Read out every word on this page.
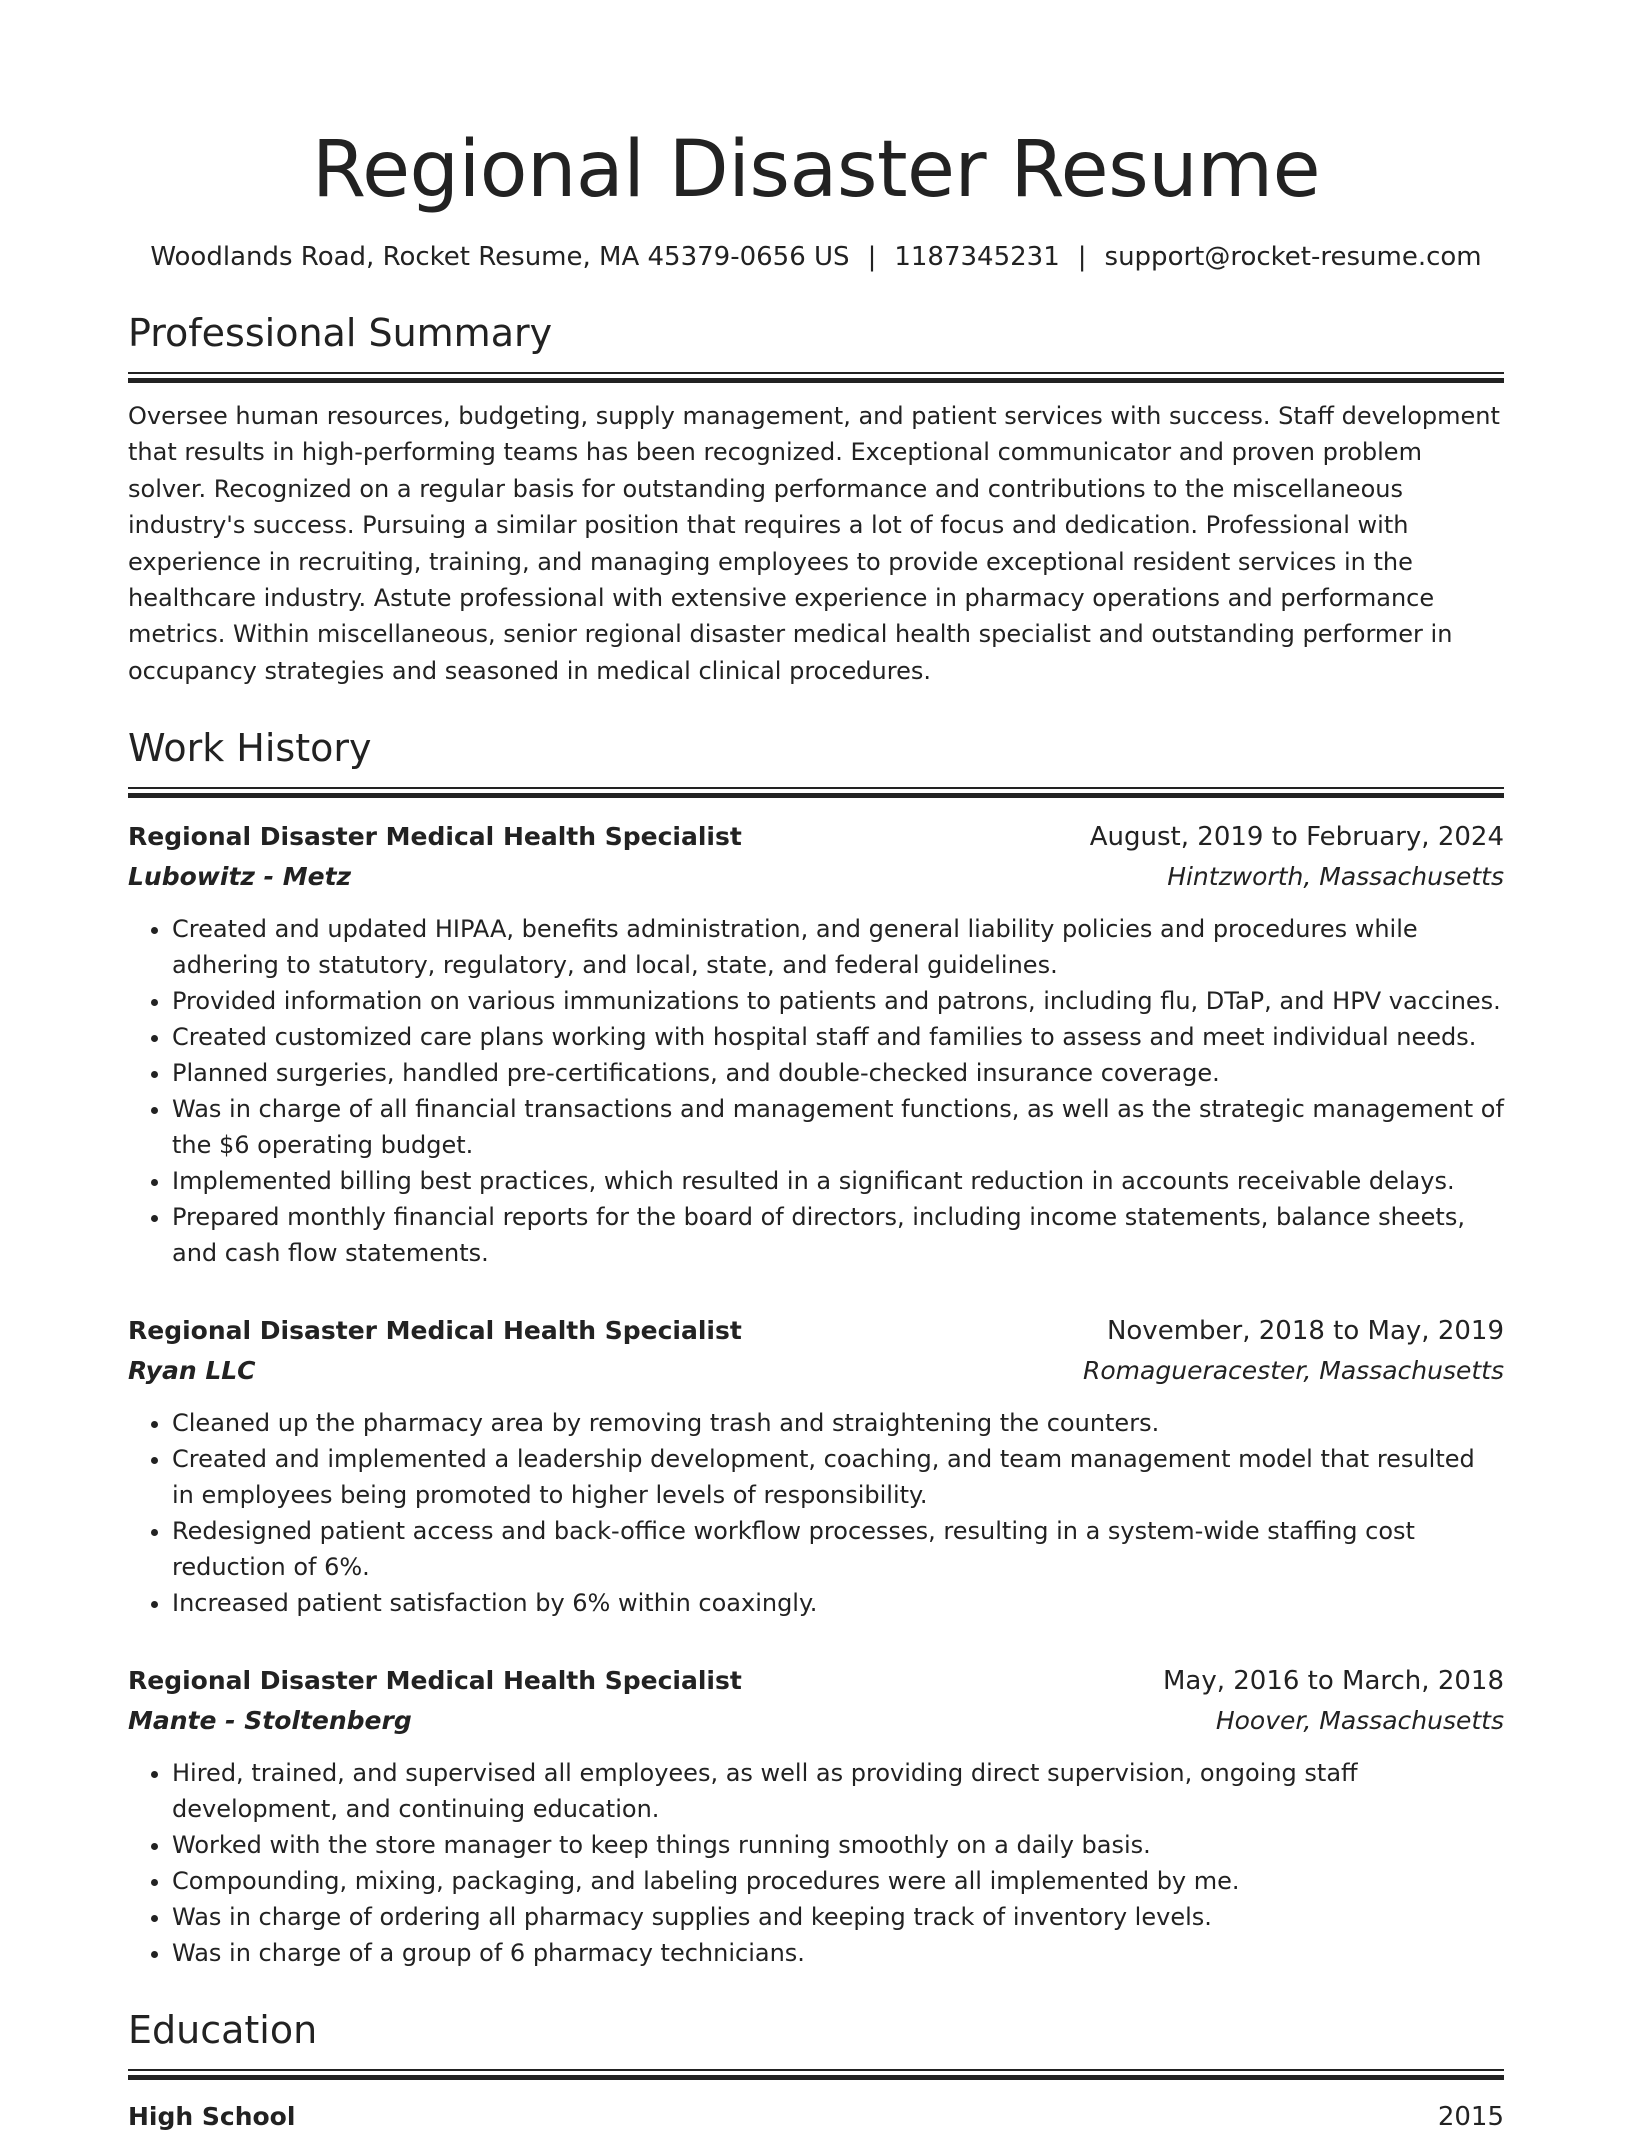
Regional Disaster Resume
Woodlands Road, Rocket Resume, MA 45379-0656 US | 1187345231 | support@rocket-resume.com
Professional Summary
Oversee human resources, budgeting, supply management, and patient services with success. Staff development that results in high-performing teams has been recognized. Exceptional communicator and proven problem solver. Recognized on a regular basis for outstanding performance and contributions to the miscellaneous industry's success. Pursuing a similar position that requires a lot of focus and dedication. Professional with experience in recruiting, training, and managing employees to provide exceptional resident services in the healthcare industry. Astute professional with extensive experience in pharmacy operations and performance metrics. Within miscellaneous, senior regional disaster medical health specialist and outstanding performer in occupancy strategies and seasoned in medical clinical procedures.
Work History
Regional Disaster Medical Health Specialist	August, 2019 to February, 2024
Lubowitz - Metz	Hintzworth, Massachusetts
• Created and updated HIPAA, benefits administration, and general liability policies and procedures while adhering to statutory, regulatory, and local, state, and federal guidelines.
• Provided information on various immunizations to patients and patrons, including flu, DTaP, and HPV vaccines.
• Created customized care plans working with hospital staff and families to assess and meet individual needs.
• Planned surgeries, handled pre-certifications, and double-checked insurance coverage.
• Was in charge of all financial transactions and management functions, as well as the strategic management of the $6 operating budget.
• Implemented billing best practices, which resulted in a significant reduction in accounts receivable delays.
• Prepared monthly financial reports for the board of directors, including income statements, balance sheets, and cash flow statements.
Regional Disaster Medical Health Specialist	November, 2018 to May, 2019
Ryan LLC	Romagueracester, Massachusetts
• Cleaned up the pharmacy area by removing trash and straightening the counters.
• Created and implemented a leadership development, coaching, and team management model that resulted in employees being promoted to higher levels of responsibility.
• Redesigned patient access and back-office workflow processes, resulting in a system-wide staffing cost reduction of 6%.
• Increased patient satisfaction by 6% within coaxingly.
Regional Disaster Medical Health Specialist	May, 2016 to March, 2018
Mante - Stoltenberg	Hoover, Massachusetts
• Hired, trained, and supervised all employees, as well as providing direct supervision, ongoing staff development, and continuing education.
• Worked with the store manager to keep things running smoothly on a daily basis.
• Compounding, mixing, packaging, and labeling procedures were all implemented by me.
• Was in charge of ordering all pharmacy supplies and keeping track of inventory levels.
• Was in charge of a group of 6 pharmacy technicians.
Education
High School	2015
